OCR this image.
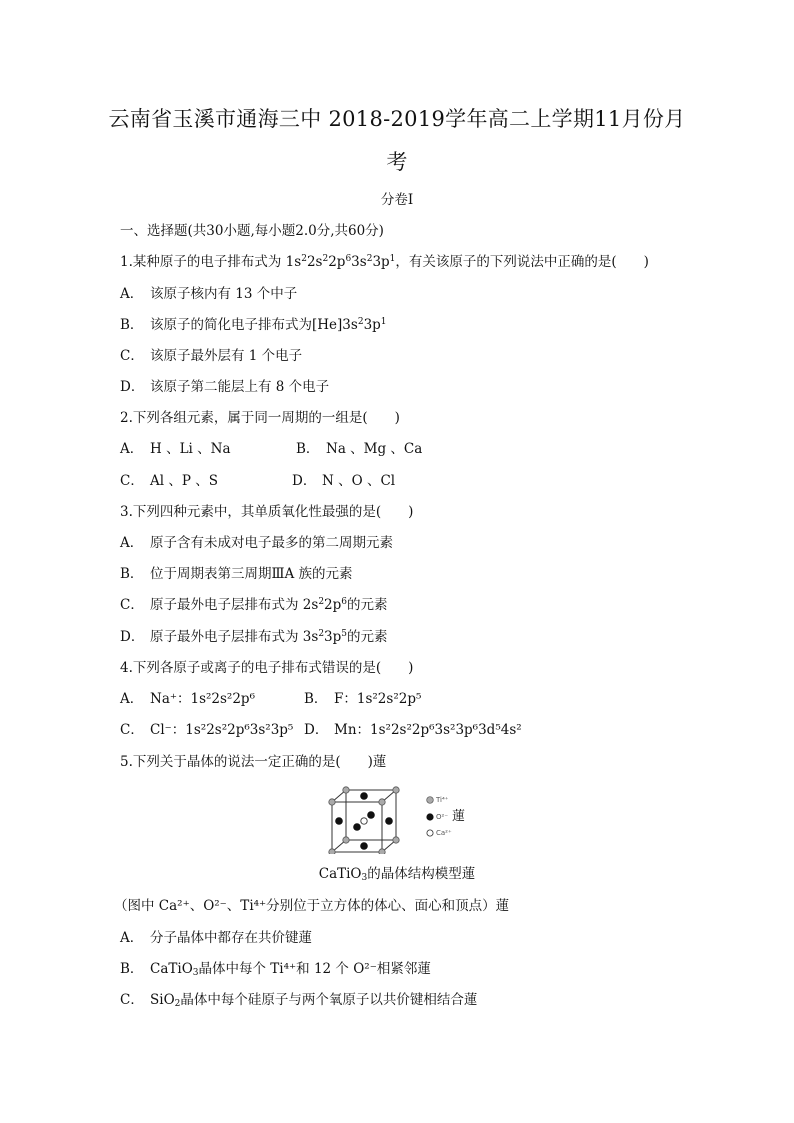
云南省玉溪市通海三中 2018-2019学年高二上学期11月份月
考
分卷I
一、选择题(共30小题,每小题2.0分,共60分)
1.某种原子的电子排布式为 $1s^22s^22p^63s^23p^1$，有关该原子的下列说法中正确的是(　　)
A． 该原子核内有 13 个中子
B． 该原子的简化电子排布式为$[He]3s^23p^1$
C． 该原子最外层有 1 个电子
D． 该原子第二能层上有 8 个电子
2.下列各组元素，属于同一周期的一组是(　　)
A． H 、Li 、Na	B． Na 、Mg 、Ca
C． Al 、P 、S	D． N 、O 、Cl
3.下列四种元素中，其单质氧化性最强的是(　　)
A． 原子含有未成对电子最多的第二周期元素
B． 位于周期表第三周期ⅢA 族的元素
C． 原子最外电子层排布式为 $2s^22p^6$的元素
D． 原子最外电子层排布式为 $3s^23p^5$的元素
4.下列各原子或离子的电子排布式错误的是(　　)
A． Na⁺：1s²2s²2p⁶	B． F：1s²2s²2p⁵
C． Cl⁻：1s²2s²2p⁶3s²3p⁵ D． Mn：1s²2s²2p⁶3s²3p⁶3d⁵4s²
5.下列关于晶体的说法一定正确的是(　　)蓮
Ti⁴⁺
O²⁻
Ca²⁺
蓮
CaTiO$_3$的晶体结构模型蓮
（图中 Ca²⁺、O²⁻、Ti⁴⁺分别位于立方体的体心、面心和顶点）蓮
A． 分子晶体中都存在共价键蓮
B． CaTiO$_3$晶体中每个 Ti⁴⁺和 12 个 O²⁻相紧邻蓮
C． SiO$_2$晶体中每个硅原子与两个氧原子以共价键相结合蓮
